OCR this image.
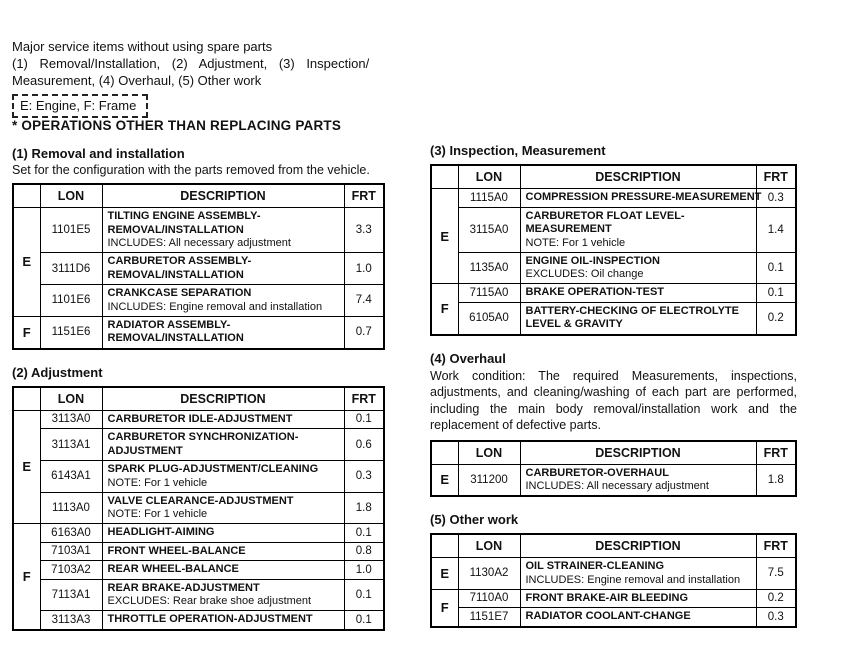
Major service items without using spare parts
(1) Removal/Installation, (2) Adjustment, (3) Inspection/
Measurement, (4) Overhaul, (5) Other work
E: Engine, F: Frame
* OPERATIONS OTHER THAN REPLACING PARTS
(1) Removal and installation
Set for the configuration with the parts removed from the vehicle.
	LON	DESCRIPTION	FRT
E	1101E5	TILTING ENGINE ASSEMBLY-
REMOVAL/INSTALLATION
INCLUDES: All necessary adjustment	3.3
	3111D6	CARBURETOR ASSEMBLY-
REMOVAL/INSTALLATION	1.0
	1101E6	CRANKCASE SEPARATION
INCLUDES: Engine removal and installation	7.4
F	1151E6	RADIATOR ASSEMBLY-
REMOVAL/INSTALLATION	0.7
(2) Adjustment
	LON	DESCRIPTION	FRT
E	3113A0	CARBURETOR IDLE-ADJUSTMENT	0.1
	3113A1	CARBURETOR SYNCHRONIZATION-
ADJUSTMENT	0.6
	6143A1	SPARK PLUG-ADJUSTMENT/CLEANING
NOTE: For 1 vehicle	0.3
	1113A0	VALVE CLEARANCE-ADJUSTMENT
NOTE: For 1 vehicle	1.8
F	6163A0	HEADLIGHT-AIMING	0.1
	7103A1	FRONT WHEEL-BALANCE	0.8
	7103A2	REAR WHEEL-BALANCE	1.0
	7113A1	REAR BRAKE-ADJUSTMENT
EXCLUDES: Rear brake shoe adjustment	0.1
	3113A3	THROTTLE OPERATION-ADJUSTMENT	0.1
(3) Inspection, Measurement
	LON	DESCRIPTION	FRT
E	1115A0	COMPRESSION PRESSURE-MEASUREMENT	0.3
	3115A0	CARBURETOR FLOAT LEVEL-
MEASUREMENT
NOTE: For 1 vehicle	1.4
	1135A0	ENGINE OIL-INSPECTION
EXCLUDES: Oil change	0.1
F	7115A0	BRAKE OPERATION-TEST	0.1
	6105A0	BATTERY-CHECKING OF ELECTROLYTE
LEVEL & GRAVITY	0.2
(4) Overhaul
Work condition: The required Measurements, inspections, adjustments, and cleaning/washing of each part are performed, including the main body removal/installation work and the replacement of defective parts.
	LON	DESCRIPTION	FRT
E	311200	CARBURETOR-OVERHAUL
INCLUDES: All necessary adjustment	1.8
(5) Other work
	LON	DESCRIPTION	FRT
E	1130A2	OIL STRAINER-CLEANING
INCLUDES: Engine removal and installation	7.5
F	7110A0	FRONT BRAKE-AIR BLEEDING	0.2
	1151E7	RADIATOR COOLANT-CHANGE	0.3
